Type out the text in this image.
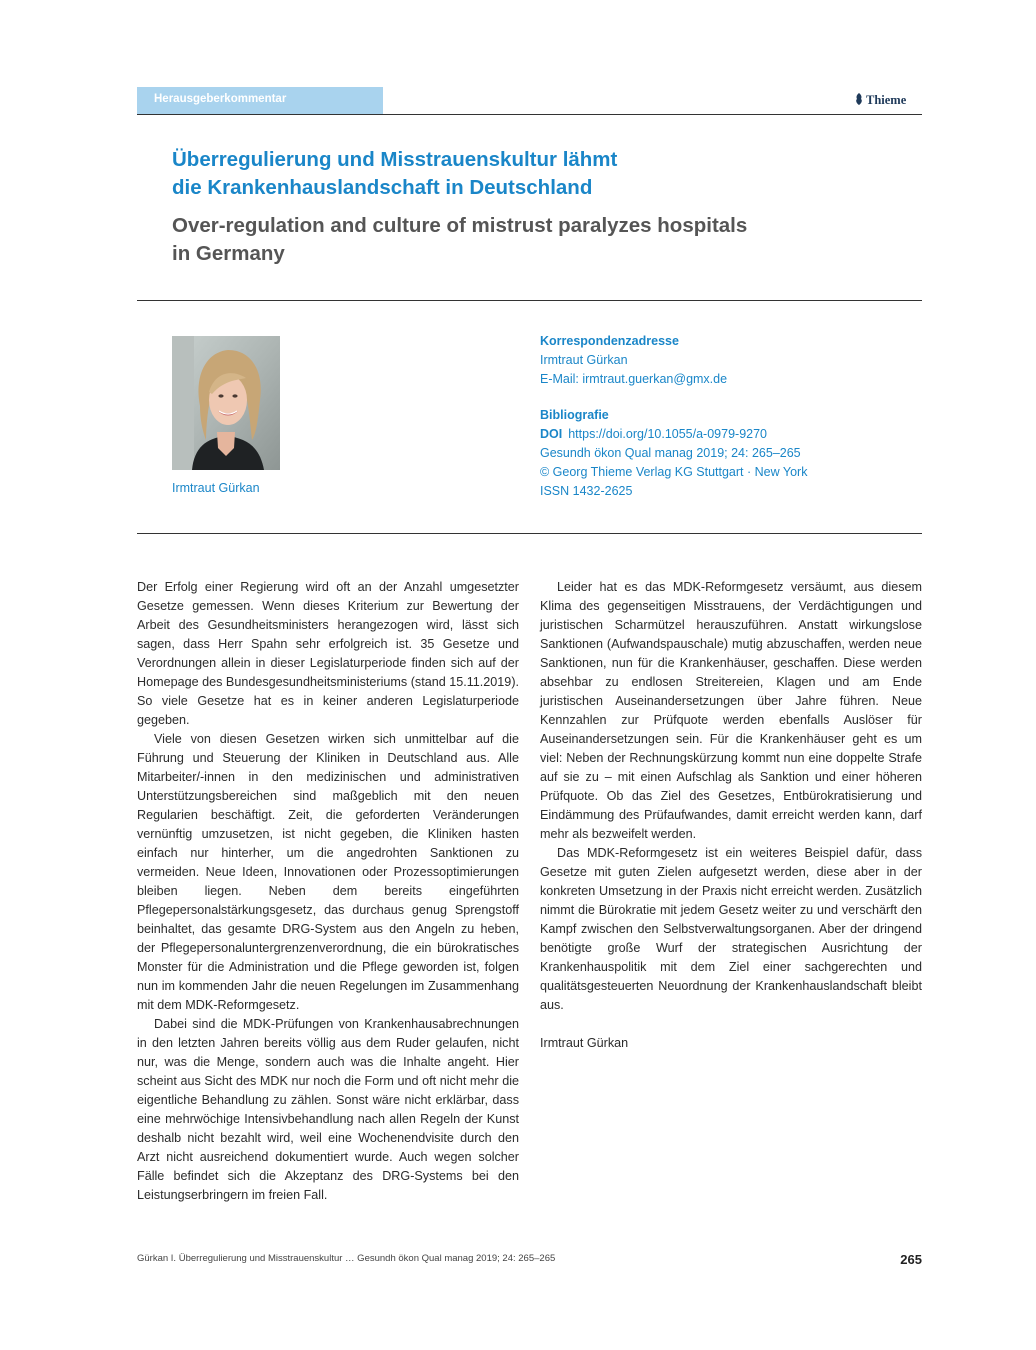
Herausgeberkommentar	Thieme
Überregulierung und Misstrauenskultur lähmt
die Krankenhauslandschaft in Deutschland
Over-regulation and culture of mistrust paralyzes hospitals
in Germany
Irmtraut Gürkan
Korrespondenzadresse
Irmtraut Gürkan
E-Mail: irmtraut.guerkan@gmx.de
Bibliografie
DOI https://doi.org/10.1055/a-0979-9270
Gesundh ökon Qual manag 2019; 24: 265–265
© Georg Thieme Verlag KG Stuttgart · New York
ISSN 1432-2625

Der Erfolg einer Regierung wird oft an der Anzahl umgesetzter Gesetze gemessen. Wenn dieses Kriterium zur Bewertung der Arbeit des Gesundheitsministers herangezogen wird, lässt sich sagen, dass Herr Spahn sehr erfolgreich ist. 35 Gesetze und Verordnungen allein in dieser Legislaturperiode finden sich auf der Homepage des Bundesgesundheitsministeriums (stand 15.11.2019). So viele Gesetze hat es in keiner anderen Legislaturperiode gegeben.

Viele von diesen Gesetzen wirken sich unmittelbar auf die Führung und Steuerung der Kliniken in Deutschland aus. Alle Mitarbeiter/-innen in den medizinischen und administrativen Unterstützungsbereichen sind maßgeblich mit den neuen Regularien beschäftigt. Zeit, die geforderten Veränderungen vernünftig umzusetzen, ist nicht gegeben, die Kliniken hasten einfach nur hinterher, um die angedrohten Sanktionen zu vermeiden. Neue Ideen, Innovationen oder Prozessoptimierungen bleiben liegen. Neben dem bereits eingeführten Pflegepersonalstärkungsgesetz, das durchaus genug Sprengstoff beinhaltet, das gesamte DRG-System aus den Angeln zu heben, der Pflegepersonaluntergrenzenverordnung, die ein bürokratisches Monster für die Administration und die Pflege geworden ist, folgen nun im kommenden Jahr die neuen Regelungen im Zusammenhang mit dem MDK-Reformgesetz.

Dabei sind die MDK-Prüfungen von Krankenhausabrechnungen in den letzten Jahren bereits völlig aus dem Ruder gelaufen, nicht nur, was die Menge, sondern auch was die Inhalte angeht. Hier scheint aus Sicht des MDK nur noch die Form und oft nicht mehr die eigentliche Behandlung zu zählen. Sonst wäre nicht erklärbar, dass eine mehrwöchige Intensivbehandlung nach allen Regeln der Kunst deshalb nicht bezahlt wird, weil eine Wochenendvisite durch den Arzt nicht ausreichend dokumentiert wurde. Auch wegen solcher Fälle befindet sich die Akzeptanz des DRG-Systems bei den Leistungserbringern im freien Fall.

Leider hat es das MDK-Reformgesetz versäumt, aus diesem Klima des gegenseitigen Misstrauens, der Verdächtigungen und juristischen Scharmützel herauszuführen. Anstatt wirkungslose Sanktionen (Aufwandspauschale) mutig abzuschaffen, werden neue Sanktionen, nun für die Krankenhäuser, geschaffen. Diese werden absehbar zu endlosen Streitereien, Klagen und am Ende juristischen Auseinandersetzungen über Jahre führen. Neue Kennzahlen zur Prüfquote werden ebenfalls Auslöser für Auseinandersetzungen sein. Für die Krankenhäuser geht es um viel: Neben der Rechnungskürzung kommt nun eine doppelte Strafe auf sie zu – mit einen Aufschlag als Sanktion und einer höheren Prüfquote. Ob das Ziel des Gesetzes, Entbürokratisierung und Eindämmung des Prüfaufwandes, damit erreicht werden kann, darf mehr als bezweifelt werden.

Das MDK-Reformgesetz ist ein weiteres Beispiel dafür, dass Gesetze mit guten Zielen aufgesetzt werden, diese aber in der konkreten Umsetzung in der Praxis nicht erreicht werden. Zusätzlich nimmt die Bürokratie mit jedem Gesetz weiter zu und verschärft den Kampf zwischen den Selbstverwaltungsorganen. Aber der dringend benötigte große Wurf der strategischen Ausrichtung der Krankenhauspolitik mit dem Ziel einer sachgerechten und qualitätsgesteuerten Neuordnung der Krankenhauslandschaft bleibt aus.

Irmtraut Gürkan

Gürkan I. Überregulierung und Misstrauenskultur … Gesundh ökon Qual manag 2019; 24: 265–265	265
